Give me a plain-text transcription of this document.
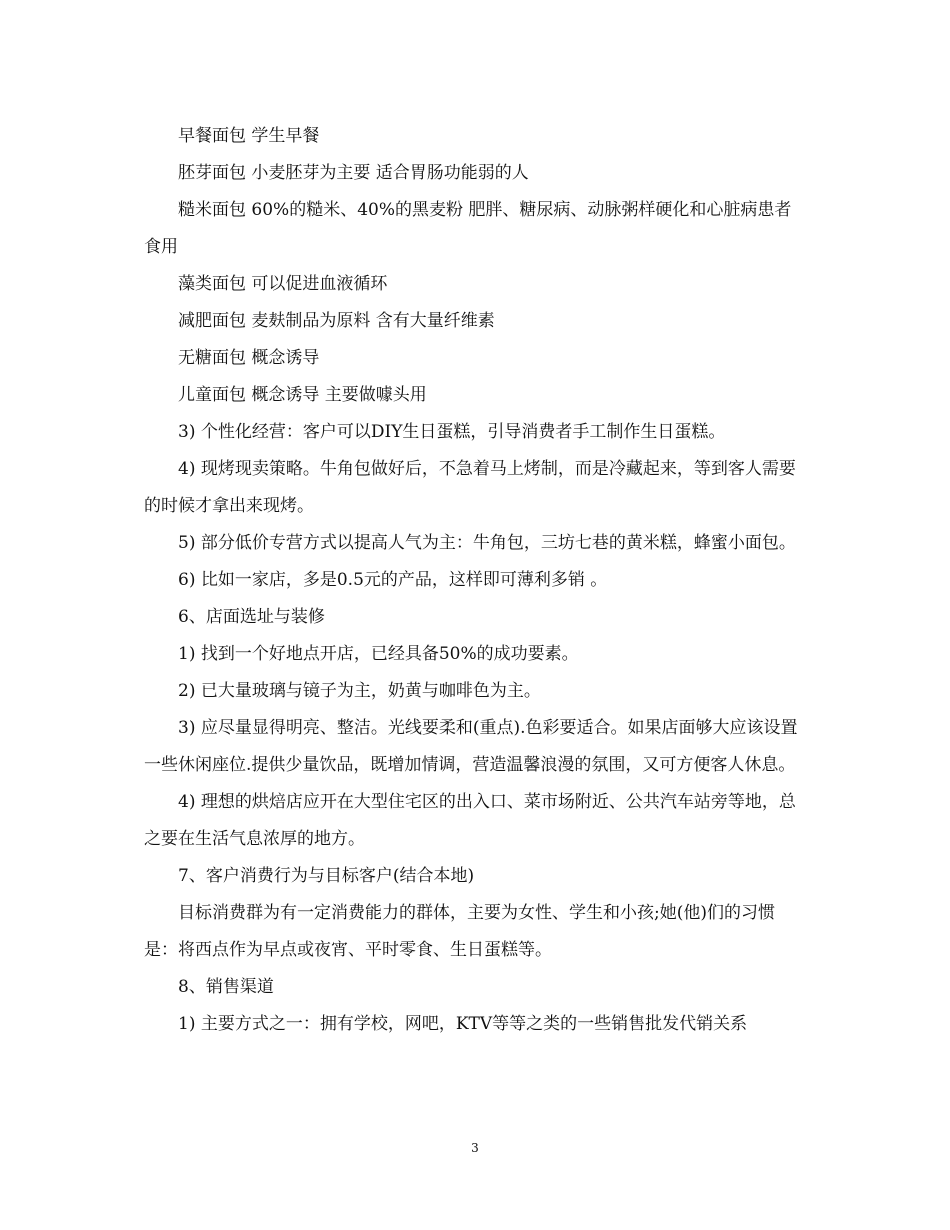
早餐面包 学生早餐

胚芽面包 小麦胚芽为主要 适合胃肠功能弱的人

糙米面包 60%的糙米、40%的黑麦粉 肥胖、糖尿病、动脉粥样硬化和心脏病患者食用

藻类面包 可以促进血液循环

减肥面包 麦麸制品为原料 含有大量纤维素

无糖面包 概念诱导

儿童面包 概念诱导 主要做噱头用

3) 个性化经营：客户可以DIY生日蛋糕，引导消费者手工制作生日蛋糕。

4) 现烤现卖策略。牛角包做好后，不急着马上烤制，而是冷藏起来，等到客人需要的时候才拿出来现烤。

5) 部分低价专营方式以提高人气为主：牛角包，三坊七巷的黄米糕，蜂蜜小面包。

6) 比如一家店，多是0.5元的产品，这样即可薄利多销 。

6、店面选址与装修

1) 找到一个好地点开店，已经具备50%的成功要素。

2) 已大量玻璃与镜子为主，奶黄与咖啡色为主。

3) 应尽量显得明亮、整洁。光线要柔和(重点).色彩要适合。如果店面够大应该设置一些休闲座位.提供少量饮品，既增加情调，营造温馨浪漫的氛围，又可方便客人休息。

4) 理想的烘焙店应开在大型住宅区的出入口、菜市场附近、公共汽车站旁等地，总之要在生活气息浓厚的地方。

7、客户消费行为与目标客户(结合本地)

目标消费群为有一定消费能力的群体，主要为女性、学生和小孩;她(他)们的习惯是：将西点作为早点或夜宵、平时零食、生日蛋糕等。

8、销售渠道

1) 主要方式之一：拥有学校，网吧，KTV等等之类的一些销售批发代销关系

3
